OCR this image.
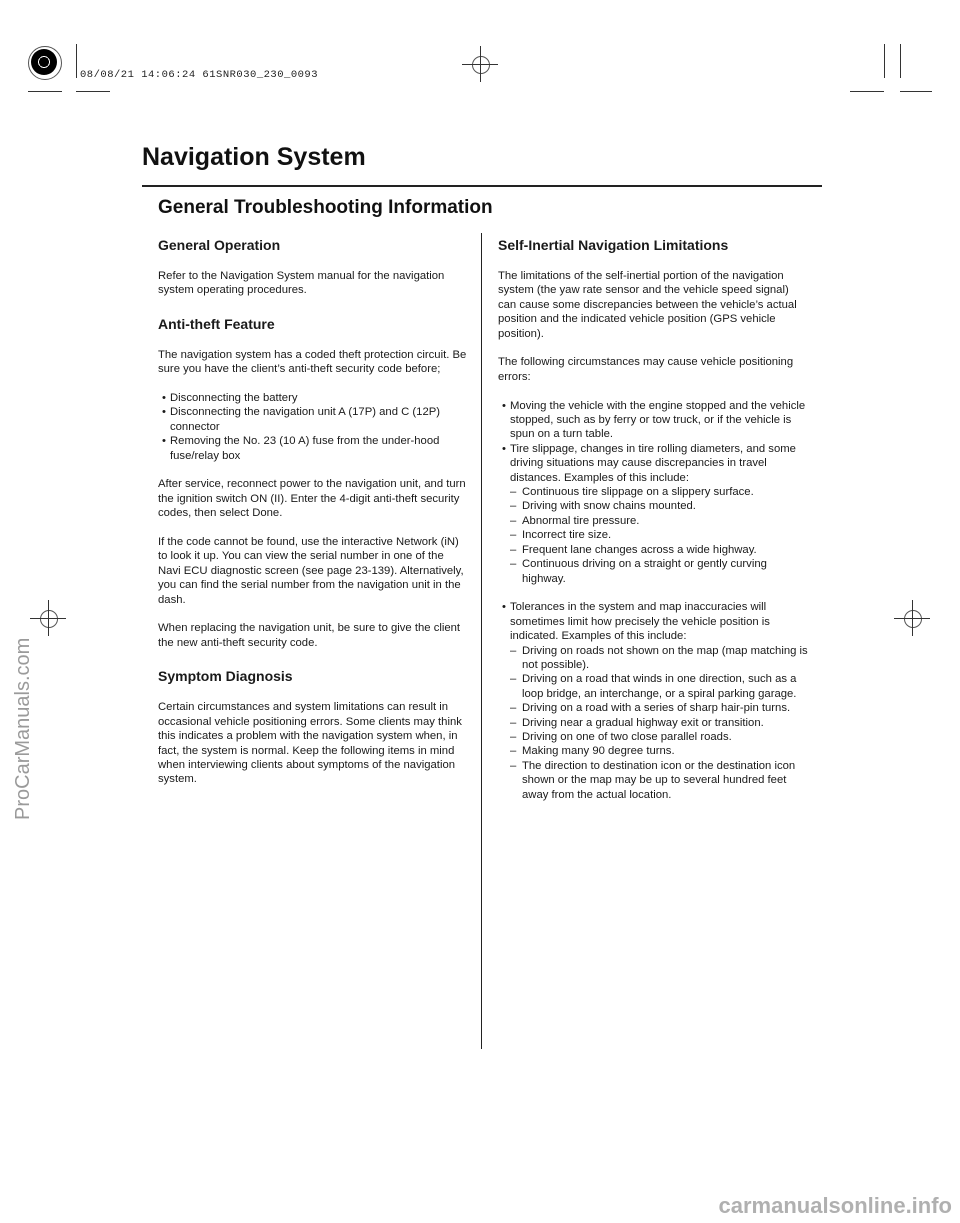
08/08/21 14:06:24 61SNR030_230_0093
Navigation System
General Troubleshooting Information
General Operation

Refer to the Navigation System manual for the navigation system operating procedures.

Anti-theft Feature

The navigation system has a coded theft protection circuit. Be sure you have the client’s anti-theft security code before;

• Disconnecting the battery
• Disconnecting the navigation unit A (17P) and C (12P) connector
• Removing the No. 23 (10 A) fuse from the under-hood fuse/relay box

After service, reconnect power to the navigation unit, and turn the ignition switch ON (II). Enter the 4-digit anti-theft security codes, then select Done.

If the code cannot be found, use the interactive Network (iN) to look it up. You can view the serial number in one of the Navi ECU diagnostic screen (see page 23-139). Alternatively, you can find the serial number from the navigation unit in the dash.

When replacing the navigation unit, be sure to give the client the new anti-theft security code.

Symptom Diagnosis

Certain circumstances and system limitations can result in occasional vehicle positioning errors. Some clients may think this indicates a problem with the navigation system when, in fact, the system is normal. Keep the following items in mind when interviewing clients about symptoms of the navigation system.

Self-Inertial Navigation Limitations

The limitations of the self-inertial portion of the navigation system (the yaw rate sensor and the vehicle speed signal) can cause some discrepancies between the vehicle’s actual position and the indicated vehicle position (GPS vehicle position).

The following circumstances may cause vehicle positioning errors:

• Moving the vehicle with the engine stopped and the vehicle stopped, such as by ferry or tow truck, or if the vehicle is spun on a turn table.
• Tire slippage, changes in tire rolling diameters, and some driving situations may cause discrepancies in travel distances. Examples of this include:
– Continuous tire slippage on a slippery surface.
– Driving with snow chains mounted.
– Abnormal tire pressure.
– Incorrect tire size.
– Frequent lane changes across a wide highway.
– Continuous driving on a straight or gently curving highway.
• Tolerances in the system and map inaccuracies will sometimes limit how precisely the vehicle position is indicated. Examples of this include:
– Driving on roads not shown on the map (map matching is not possible).
– Driving on a road that winds in one direction, such as a loop bridge, an interchange, or a spiral parking garage.
– Driving on a road with a series of sharp hair-pin turns.
– Driving near a gradual highway exit or transition.
– Driving on one of two close parallel roads.
– Making many 90 degree turns.
– The direction to destination icon or the destination icon shown or the map may be up to several hundred feet away from the actual location.
ProCarManuals.com
carmanualsonline.info
